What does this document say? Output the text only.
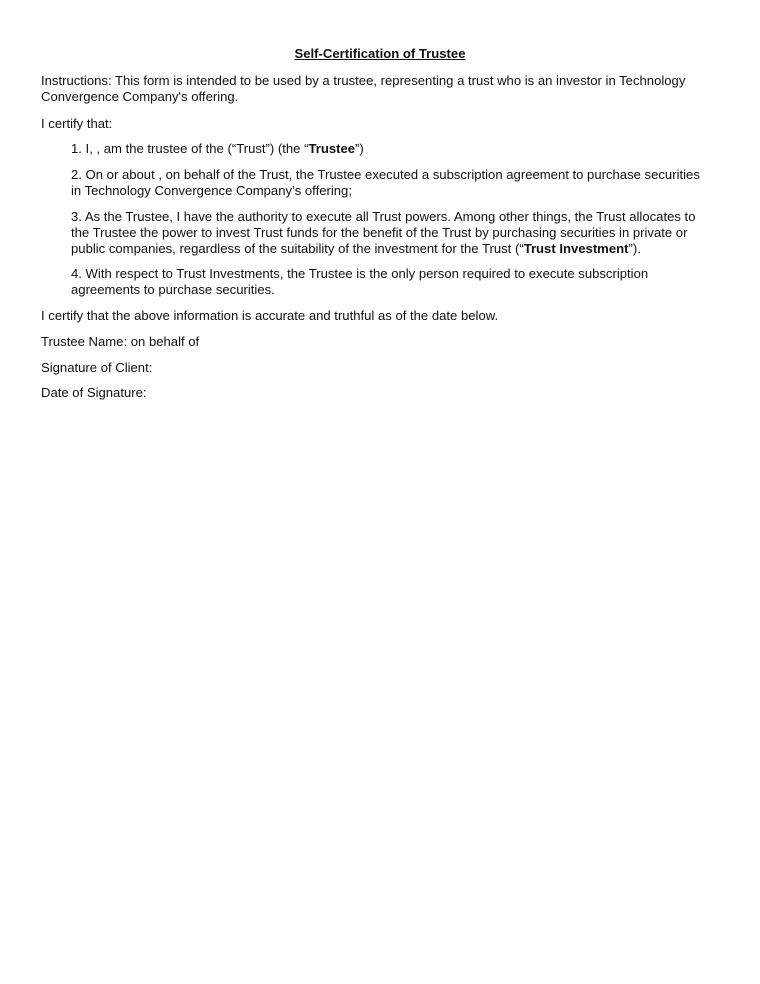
Self-Certification of Trustee
Instructions: This form is intended to be used by a trustee, representing a trust who is an investor in Technology
Convergence Company's offering.
I certify that:
1. I, , am the trustee of the (“Trust”) (the “Trustee”)
2. On or about , on behalf of the Trust, the Trustee executed a subscription agreement to purchase securities
in Technology Convergence Company’s offering;
3. As the Trustee, I have the authority to execute all Trust powers. Among other things, the Trust allocates to
the Trustee the power to invest Trust funds for the benefit of the Trust by purchasing securities in private or
public companies, regardless of the suitability of the investment for the Trust (“Trust Investment”).
4. With respect to Trust Investments, the Trustee is the only person required to execute subscription
agreements to purchase securities.
I certify that the above information is accurate and truthful as of the date below.
Trustee Name: on behalf of
Signature of Client:
Date of Signature:
